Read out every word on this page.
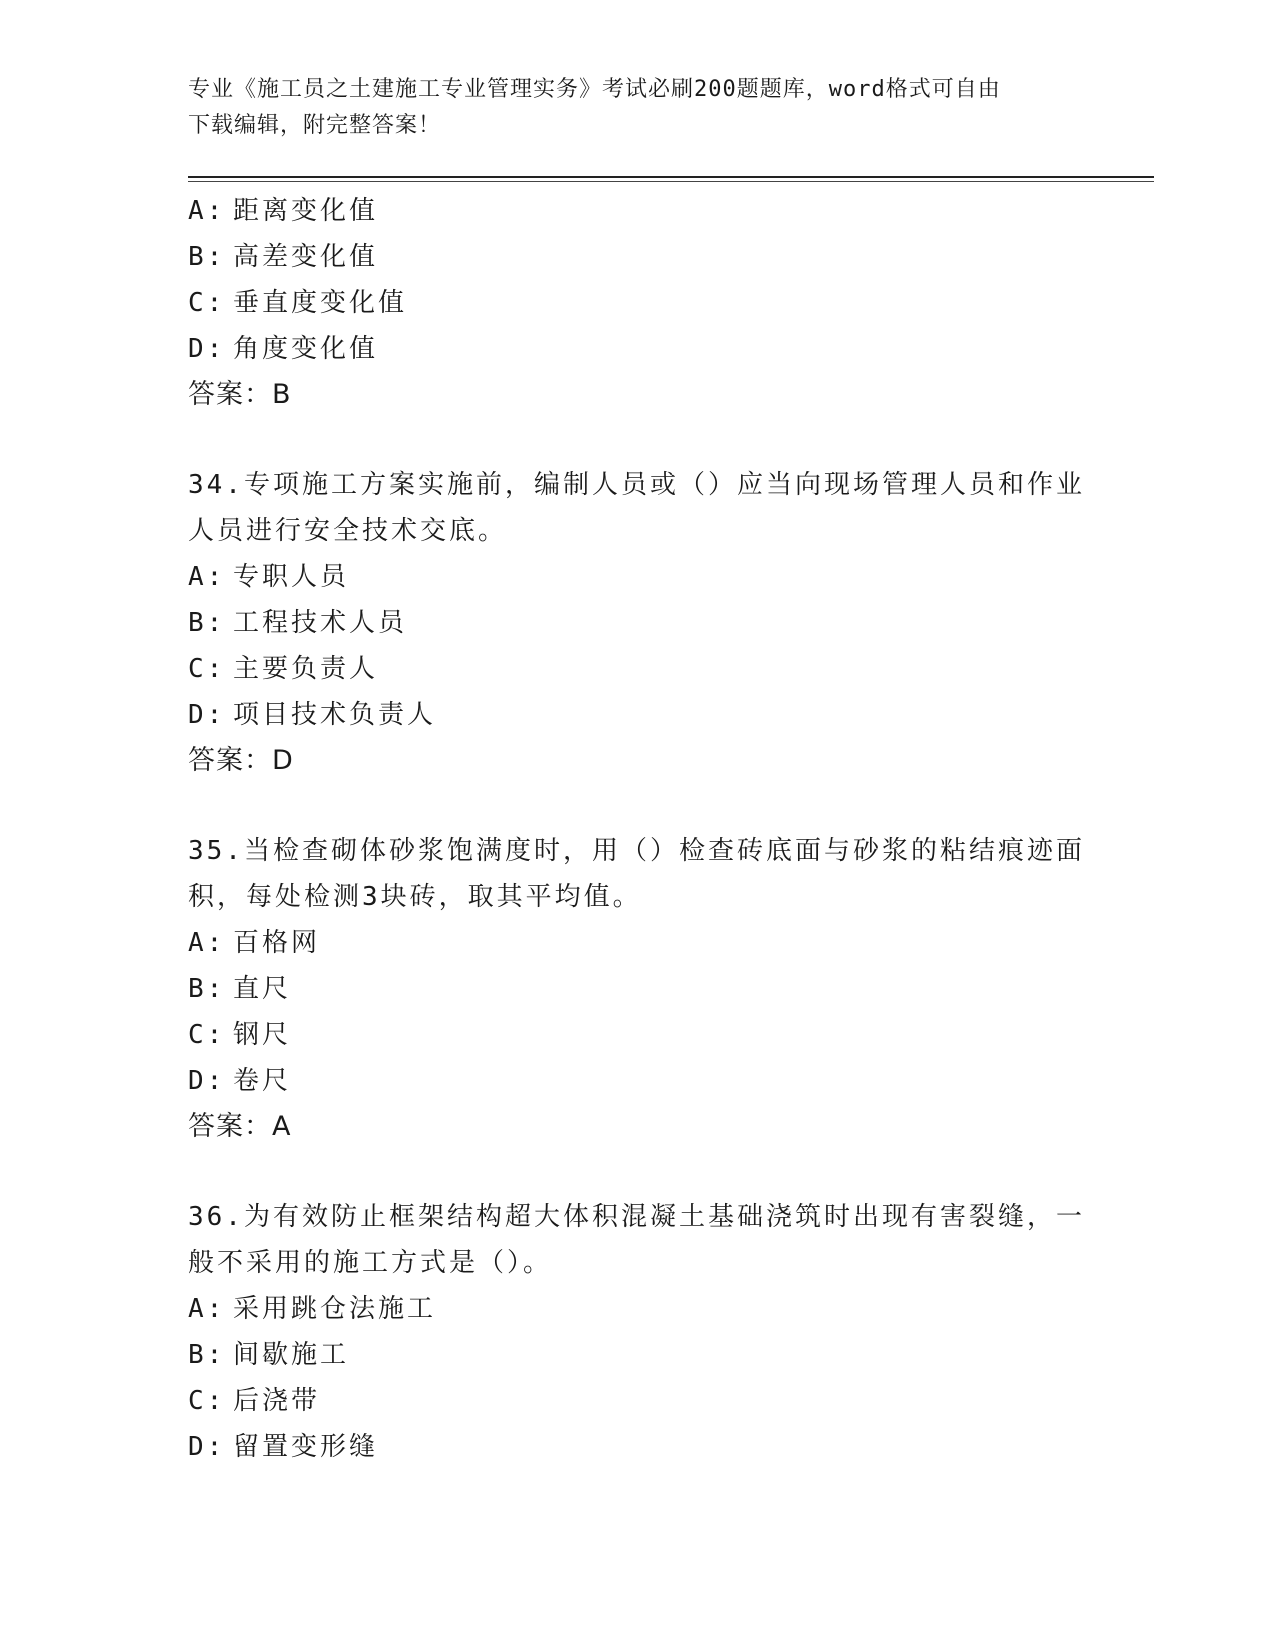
专业《施工员之土建施工专业管理实务》考试必刷200题题库，word格式可自由
下载编辑，附完整答案！
A: 距离变化值
B: 高差变化值
C: 垂直度变化值
D: 角度变化值
答案：B
34.专项施工方案实施前，编制人员或（）应当向现场管理人员和作业
人员进行安全技术交底。
A: 专职人员
B: 工程技术人员
C: 主要负责人
D: 项目技术负责人
答案：D
35.当检查砌体砂浆饱满度时，用（）检查砖底面与砂浆的粘结痕迹面
积，每处检测3块砖，取其平均值。
A: 百格网
B: 直尺
C: 钢尺
D: 卷尺
答案：A
36.为有效防止框架结构超大体积混凝土基础浇筑时出现有害裂缝，一
般不采用的施工方式是（）。
A: 采用跳仓法施工
B: 间歇施工
C: 后浇带
D: 留置变形缝
